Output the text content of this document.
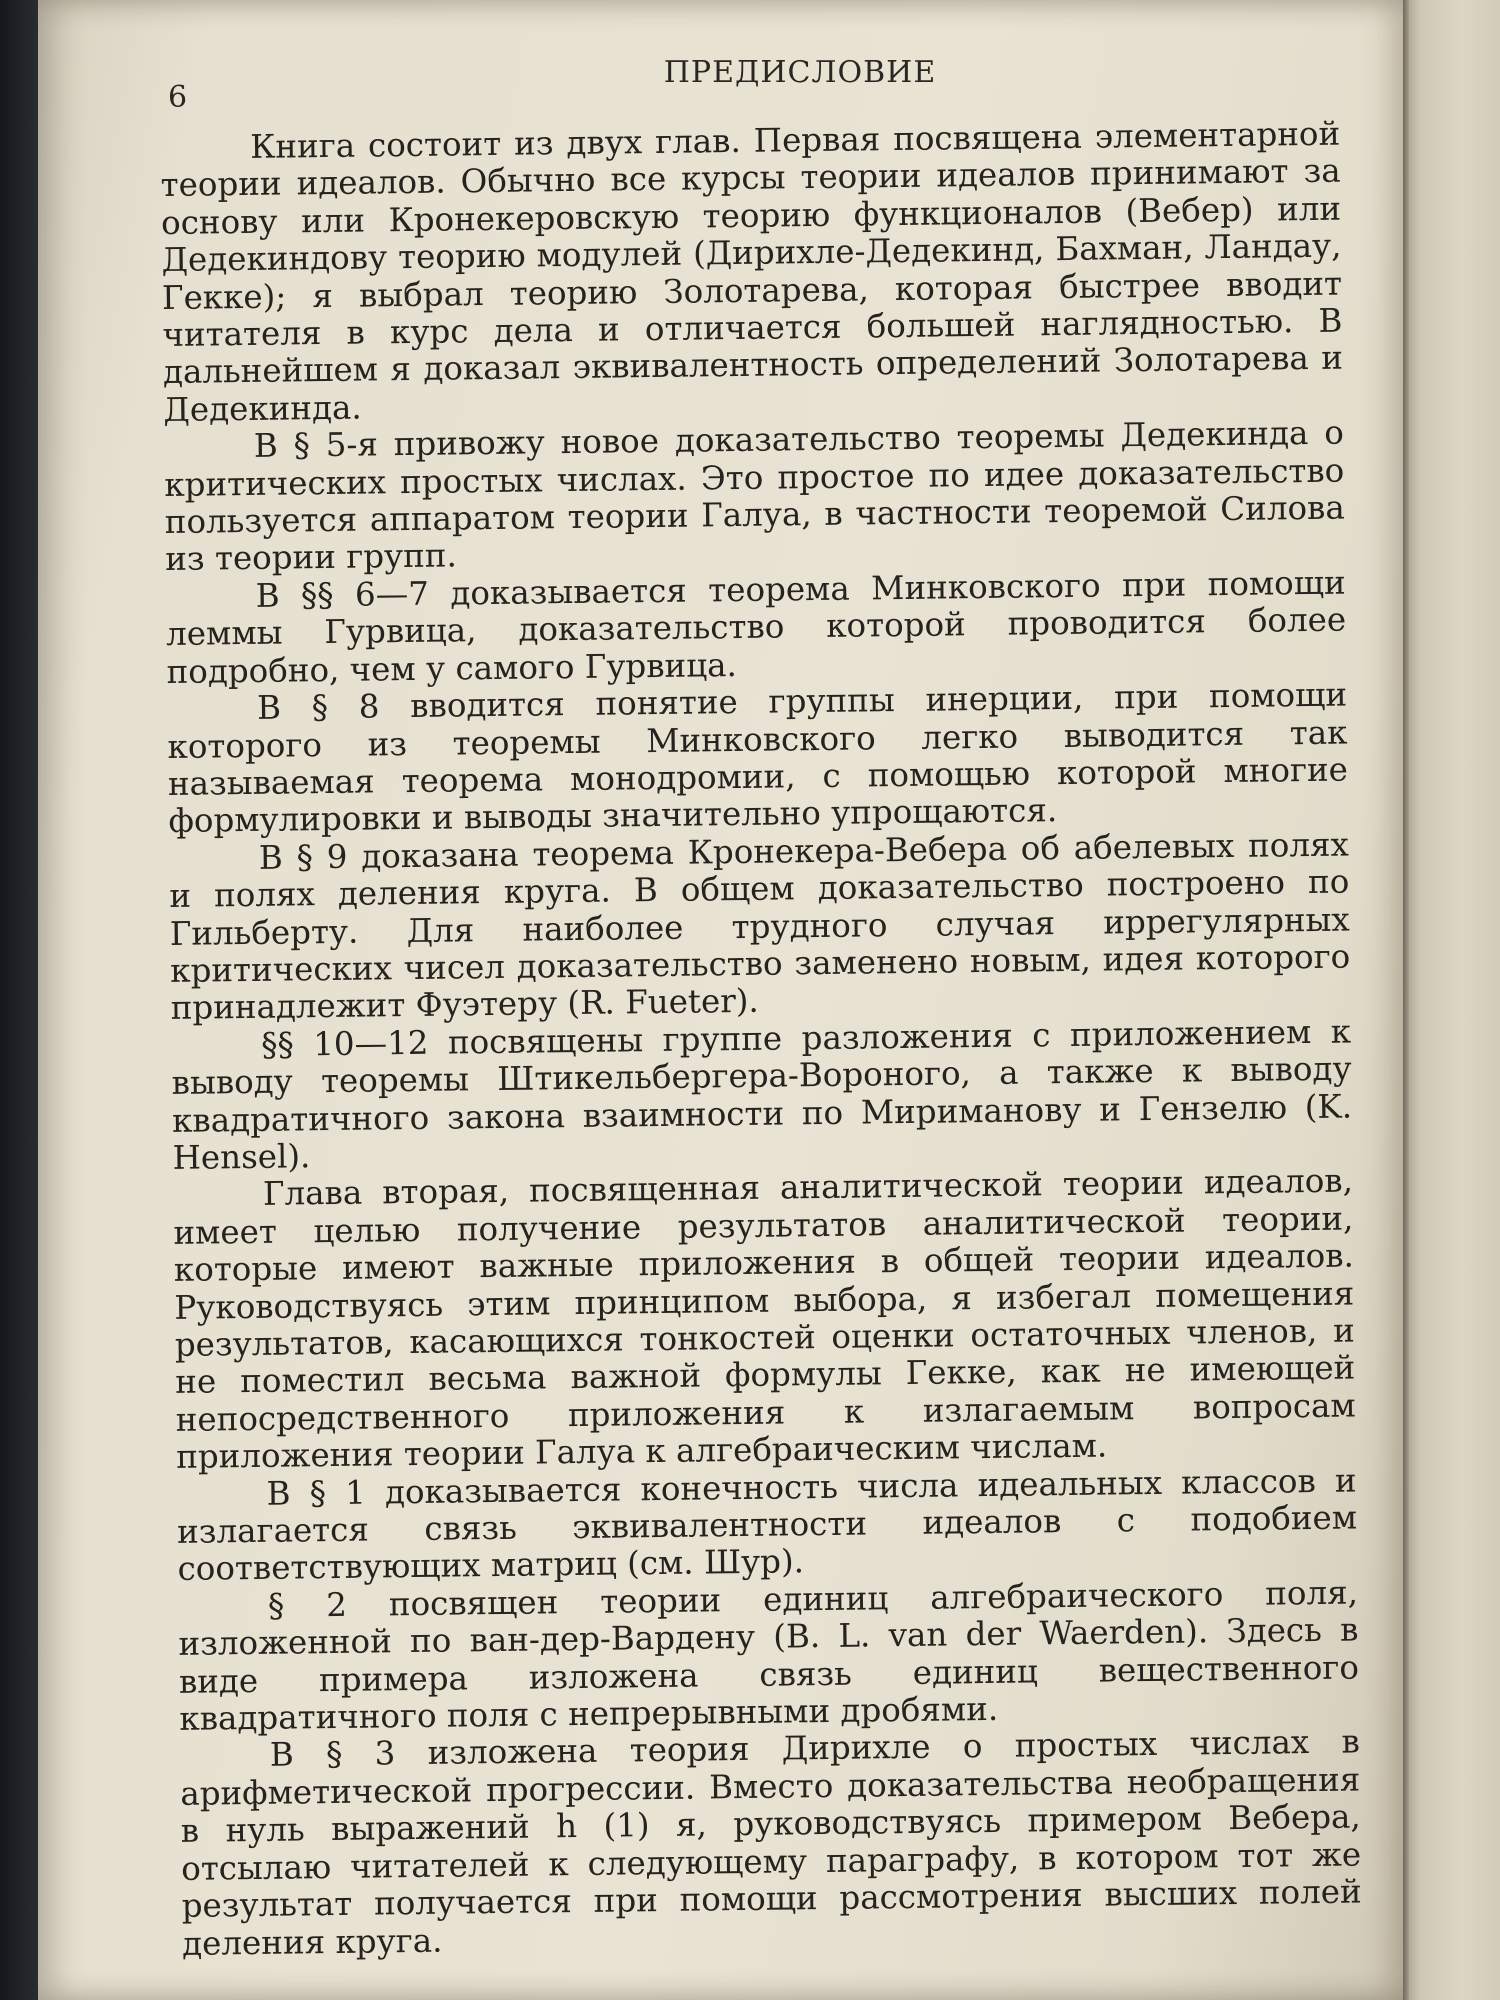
6
ПРЕДИСЛОВИЕ

Книга состоит из двух глав. Первая посвящена элементарной теории идеалов. Обычно все курсы теории идеалов принимают за основу или Кронекеровскую теорию функционалов (Вебер) или Дедекиндову теорию модулей (Дирихле-Дедекинд, Бахман, Ландау, Гекке); я выбрал теорию Золотарева, которая быстрее вводит читателя в курс дела и отличается большей наглядностью. В дальнейшем я доказал эквивалентность определений Золотарева и Дедекинда.

В § 5-я привожу новое доказательство теоремы Дедекинда о критических простых числах. Это простое по идее доказательство пользуется аппаратом теории Галуа, в частности теоремой Силова из теории групп.

В §§ 6—7 доказывается теорема Минковского при помощи леммы Гурвица, доказательство которой проводится более подробно, чем у самого Гурвица.

В § 8 вводится понятие группы инерции, при помощи которого из теоремы Минковского легко выводится так называемая теорема монодромии, с помощью которой многие формулировки и выводы значительно упрощаются.

В § 9 доказана теорема Кронекера-Вебера об абелевых полях и полях деления круга. В общем доказательство построено по Гильберту. Для наиболее трудного случая иррегулярных критических чисел доказательство заменено новым, идея которого принадлежит Фуэтеру (R. Fueter).

§§ 10—12 посвящены группе разложения с приложением к выводу теоремы Штикельбергера-Вороного, а также к выводу квадратичного закона взаимности по Мириманову и Гензелю (K. Hensel).

Глава вторая, посвященная аналитической теории идеалов, имеет целью получение результатов аналитической теории, которые имеют важные приложения в общей теории идеалов. Руководствуясь этим принципом выбора, я избегал помещения результатов, касающихся тонкостей оценки остаточных членов, и не поместил весьма важной формулы Гекке, как не имеющей непосредственного приложения к излагаемым вопросам приложения теории Галуа к алгебраическим числам.

В § 1 доказывается конечность числа идеальных классов и излагается связь эквивалентности идеалов с подобием соответствующих матриц (см. Шур).

§ 2 посвящен теории единиц алгебраического поля, изложенной по ван-дер-Вардену (B. L. van der Waerden). Здесь в виде примера изложена связь единиц вещественного квадратичного поля с непрерывными дробями.

В § 3 изложена теория Дирихле о простых числах в арифметической прогрессии. Вместо доказательства необращения в нуль выражений h (1) я, руководствуясь примером Вебера, отсылаю читателей к следующему параграфу, в котором тот же результат получается при помощи рассмотрения высших полей деления круга.
